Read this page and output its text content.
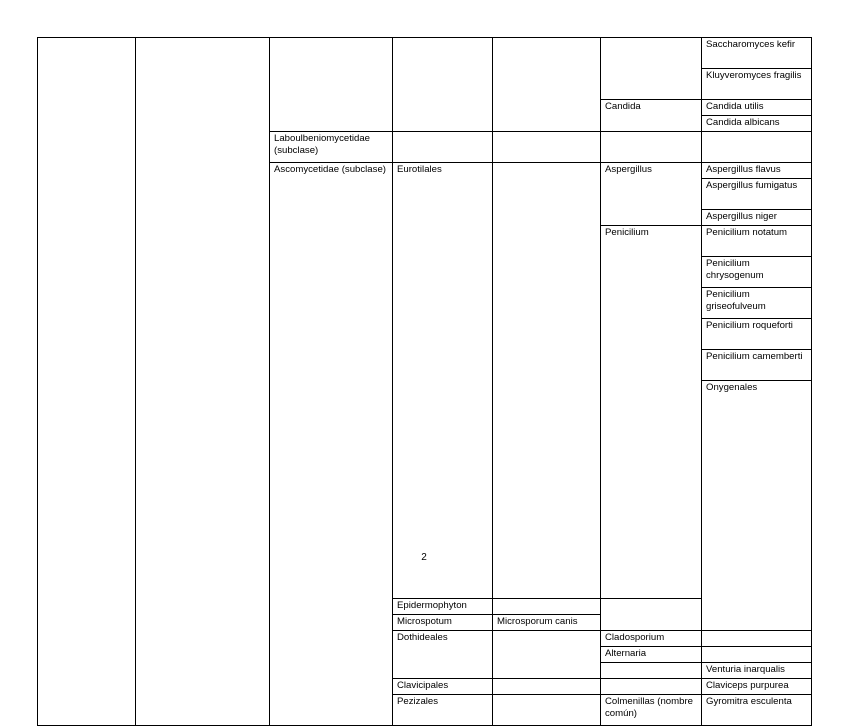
						Saccharomyces kefir	
						Kluyveromyces fragilis	
					Candida	Candida utilis	
						Candida albicans	
		Laboulbeniomycetidae (subclase)					
		Ascomycetidae (subclase)	Eurotilales		Aspergillus	Aspergillus flavus	
						Aspergillus fumigatus	
						Aspergillus niger	
					Penicilium	Penicilium notatum	

						Penicilium chrysogenum	

						Penicilium griseofulveum	
						Penicilium roqueforti	
						Penicilium camemberti	
						Onygenales			
			Epidermophyton				
			Microspotum	Microsporum canis			
			Dothideales		Cladosporium		
					Alternaria		
						Venturia inarqualis	
			Clavicipales			Claviceps purpurea	
			Pezizales		Colmenillas (nombre común)	Gyromitra esculenta	
2
